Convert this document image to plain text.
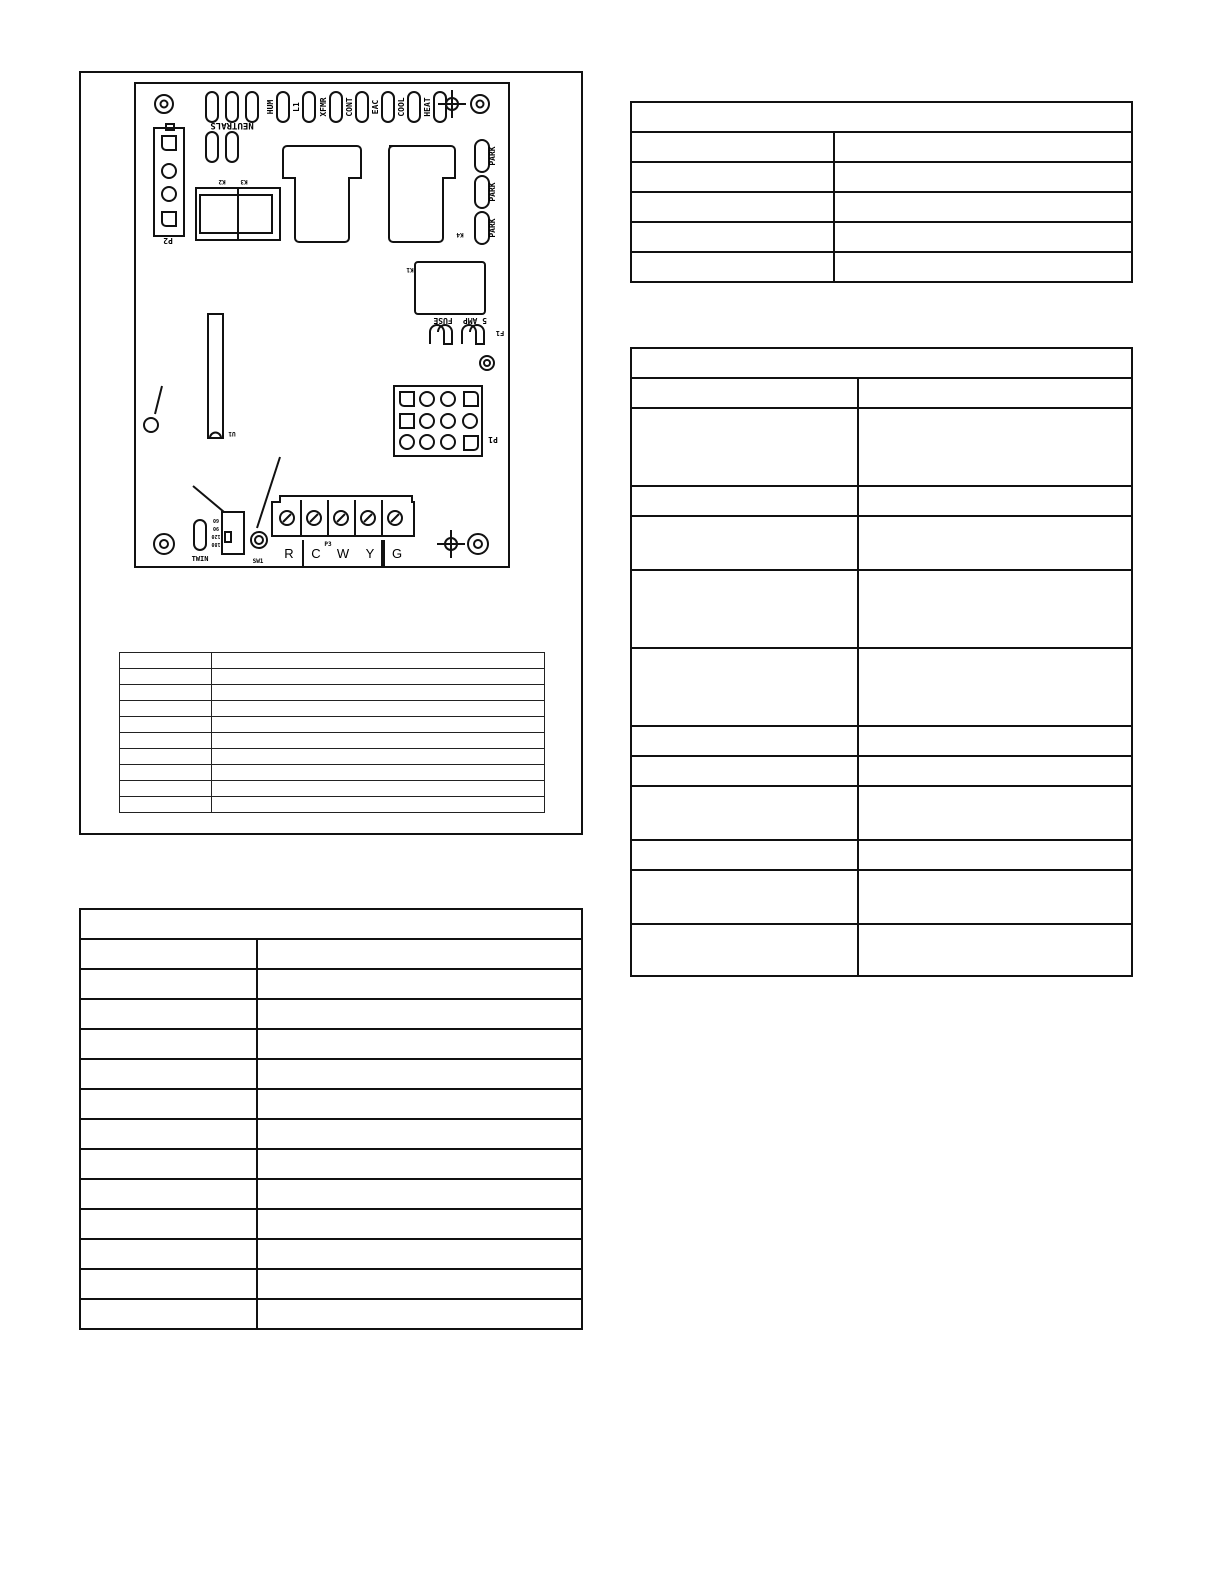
NEUTRALS
HUM L1 XFMR CONT EAC COOL HEAT
P2
K2 K3
K4
PARK
PARK
PARK
K1
FUSE 5 AMP
F1
P1
U1
TWIN
60
90
120
180
SW1
P3
R C W Y G
